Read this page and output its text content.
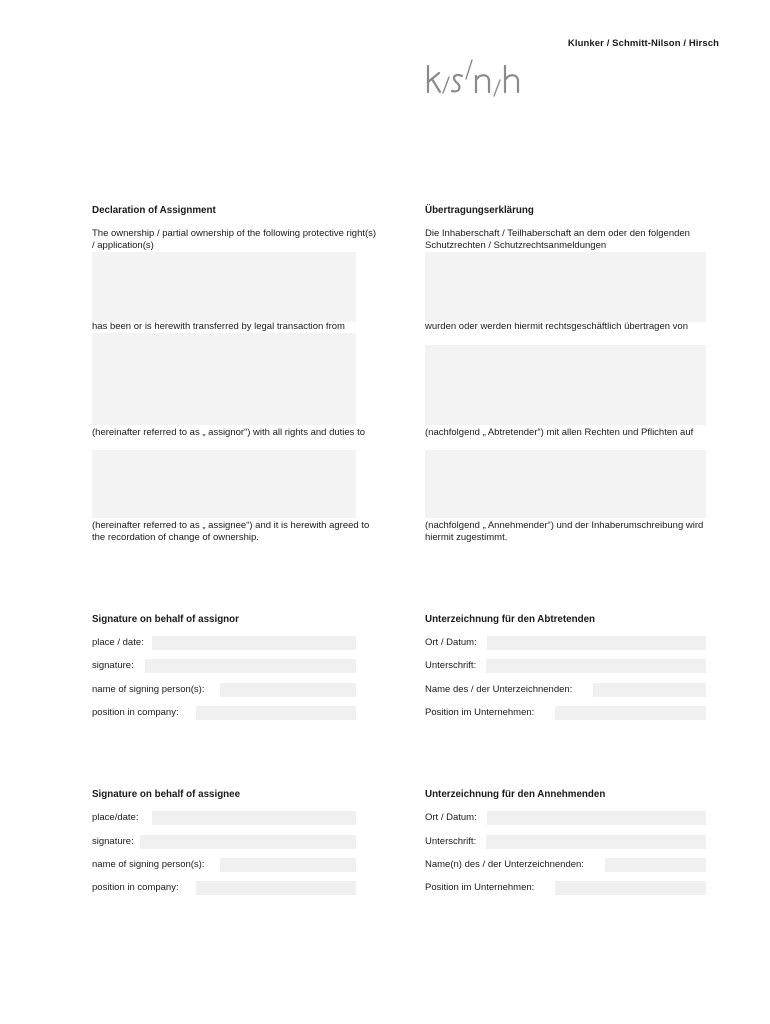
Klunker / Schmitt-Nilson / Hirsch
Declaration of Assignment
The ownership / partial ownership of the following protective right(s) / application(s)
has been or is herewith transferred by legal transaction from
(hereinafter referred to as „ assignor“) with all rights and duties to
(hereinafter referred to as „ assignee“) and it is herewith agreed to the recordation of change of ownership.
Signature on behalf of assignor
place / date:
signature:
name of signing person(s):
position in company:
Signature on behalf of assignee
place/date:
signature:
name of signing person(s):
position in company:
Übertragungserklärung
Die Inhaberschaft / Teilhaberschaft an dem oder den folgenden Schutzrechten / Schutzrechtsanmeldungen
wurden oder werden hiermit rechtsgeschäftlich übertragen von
(nachfolgend „ Abtretender“) mit allen Rechten und Pflichten auf
(nachfolgend „ Annehmender“) und der Inhaberumschreibung wird hiermit zugestimmt.
Unterzeichnung für den Abtretenden
Ort / Datum:
Unterschrift:
Name des / der Unterzeichnenden:
Position im Unternehmen:
Unterzeichnung für den Annehmenden
Ort / Datum:
Unterschrift:
Name(n) des / der Unterzeichnenden:
Position im Unternehmen:
